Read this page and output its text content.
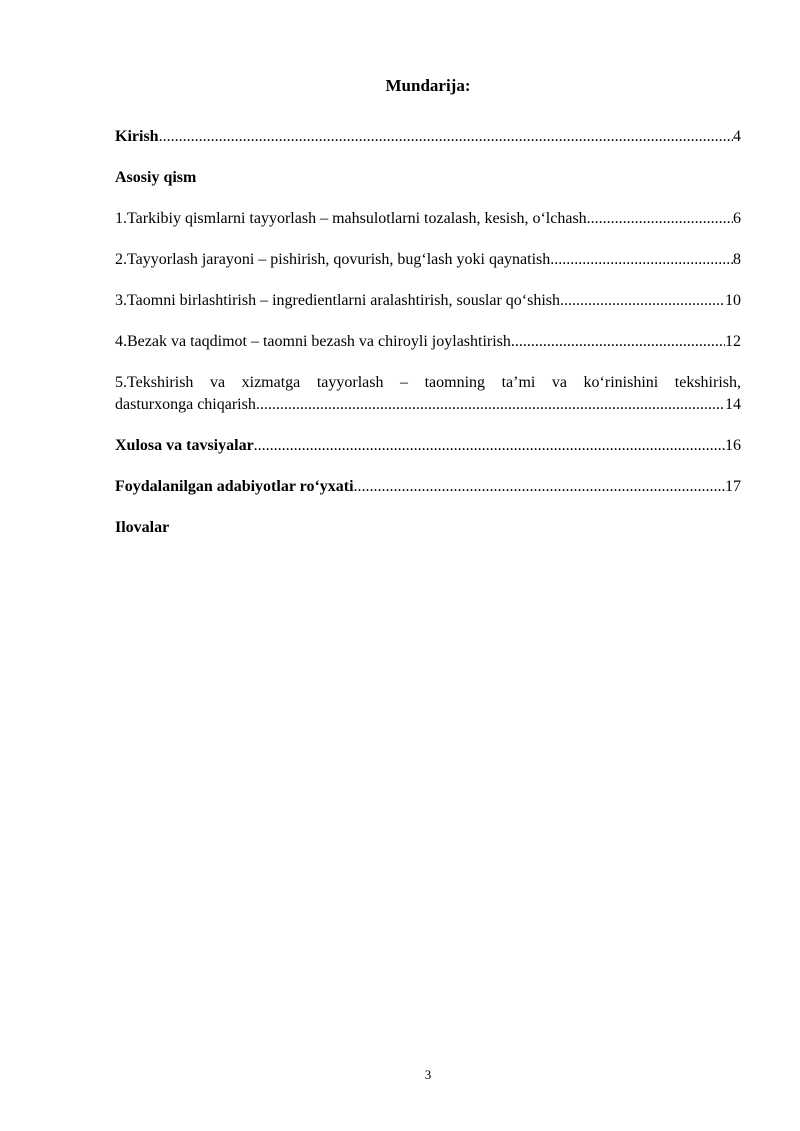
Mundarija:
Kirish .....	4
Asosiy qism
1.Tarkibiy qismlarni tayyorlash – mahsulotlarni tozalash, kesish, o‘lchash .....	6
2.Tayyorlash jarayoni – pishirish, qovurish, bug‘lash yoki qaynatish .....	8
3.Taomni birlashtirish – ingredientlarni aralashtirish, souslar qo‘shish .....	10
4.Bezak va taqdimot – taomni bezash va chiroyli joylashtirish .....	12
5.Tekshirish va xizmatga tayyorlash – taomning ta’mi va ko‘rinishini tekshirish,
dasturxonga chiqarish .....	14
Xulosa va tavsiyalar .....	16
Foydalanilgan adabiyotlar ro‘yxati .....	17
Ilovalar
3
